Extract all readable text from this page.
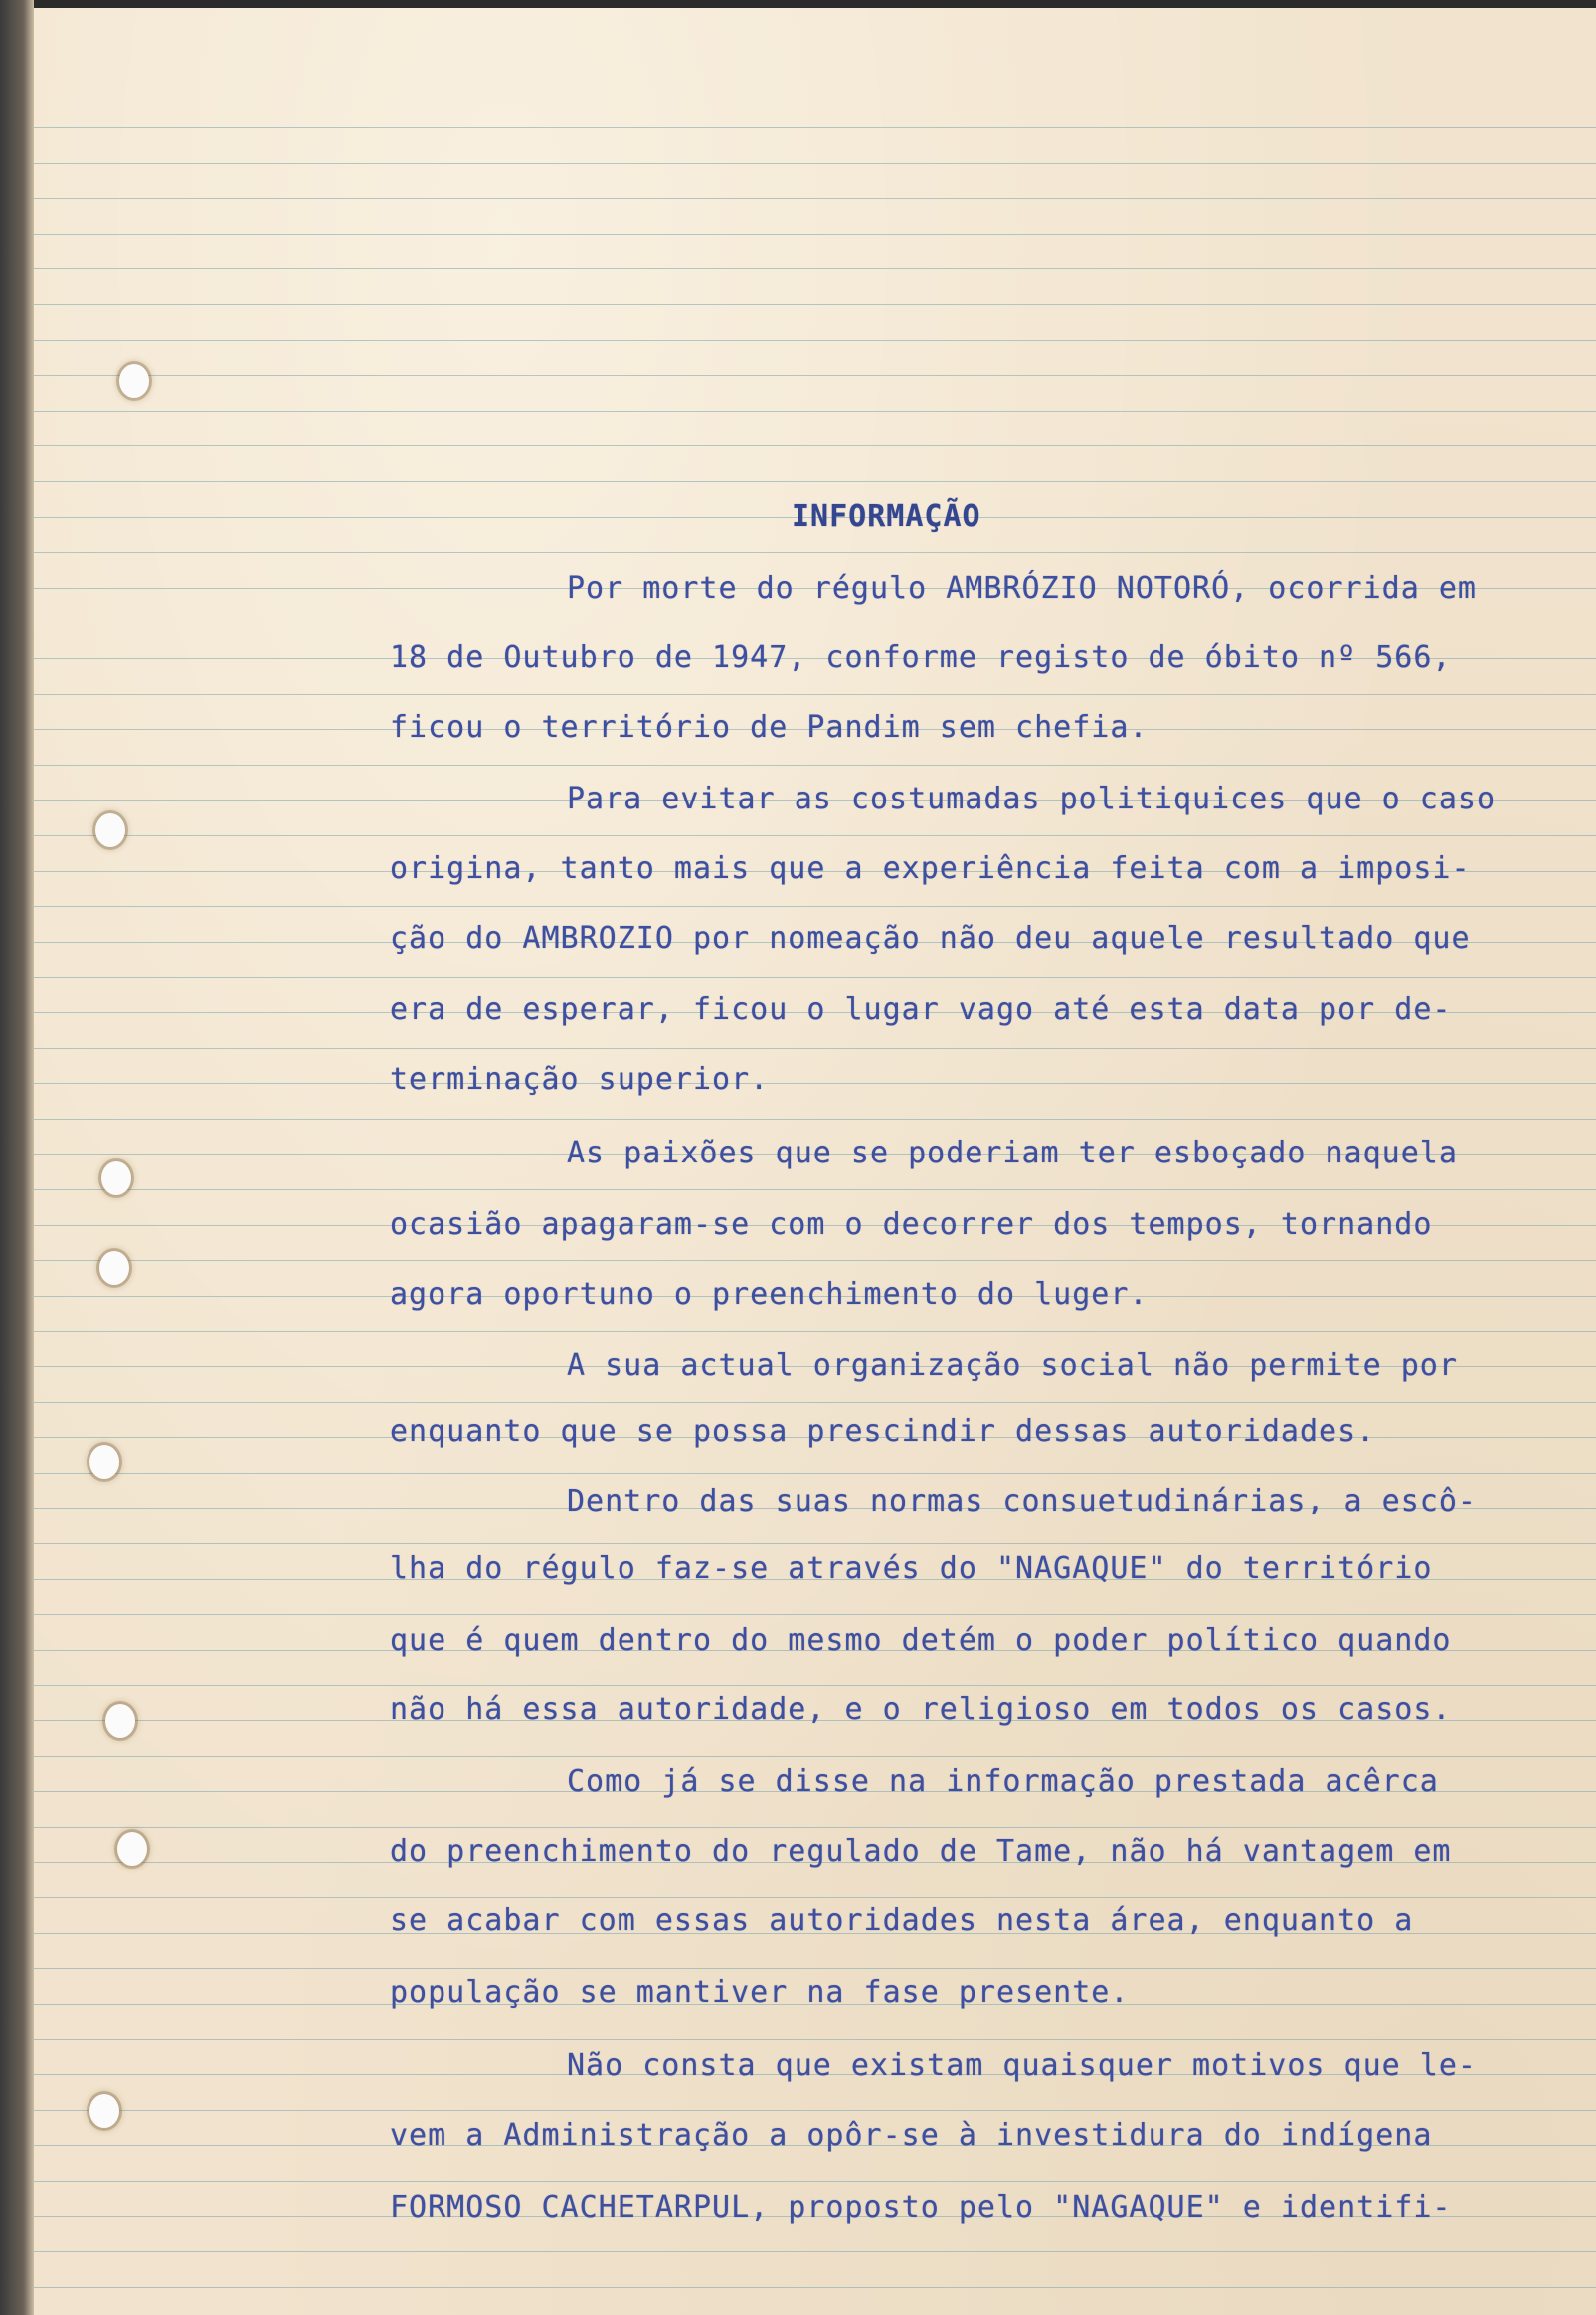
INFORMAÇÃO
Por morte do régulo AMBRÓZIO NOTORÓ, ocorrida em
18 de Outubro de 1947, conforme registo de óbito nº 566,
ficou o território de Pandim sem chefia.
Para evitar as costumadas politiquices que o caso
origina, tanto mais que a experiência feita com a imposi-
ção do AMBROZIO por nomeação não deu aquele resultado que
era de esperar, ficou o lugar vago até esta data por de-
terminação superior.
As paixões que se poderiam ter esboçado naquela
ocasião apagaram-se com o decorrer dos tempos, tornando
agora oportuno o preenchimento do luger.
A sua actual organização social não permite por
enquanto que se possa prescindir dessas autoridades.
Dentro das suas normas consuetudinárias, a escô-
lha do régulo faz-se através do "NAGAQUE" do território
que é quem dentro do mesmo detém o poder político quando
não há essa autoridade, e o religioso em todos os casos.
Como já se disse na informação prestada acêrca
do preenchimento do regulado de Tame, não há vantagem em
se acabar com essas autoridades nesta área, enquanto a
população se mantiver na fase presente.
Não consta que existam quaisquer motivos que le-
vem a Administração a opôr-se à investidura do indígena
FORMOSO CACHETARPUL, proposto pelo "NAGAQUE" e identifi-
